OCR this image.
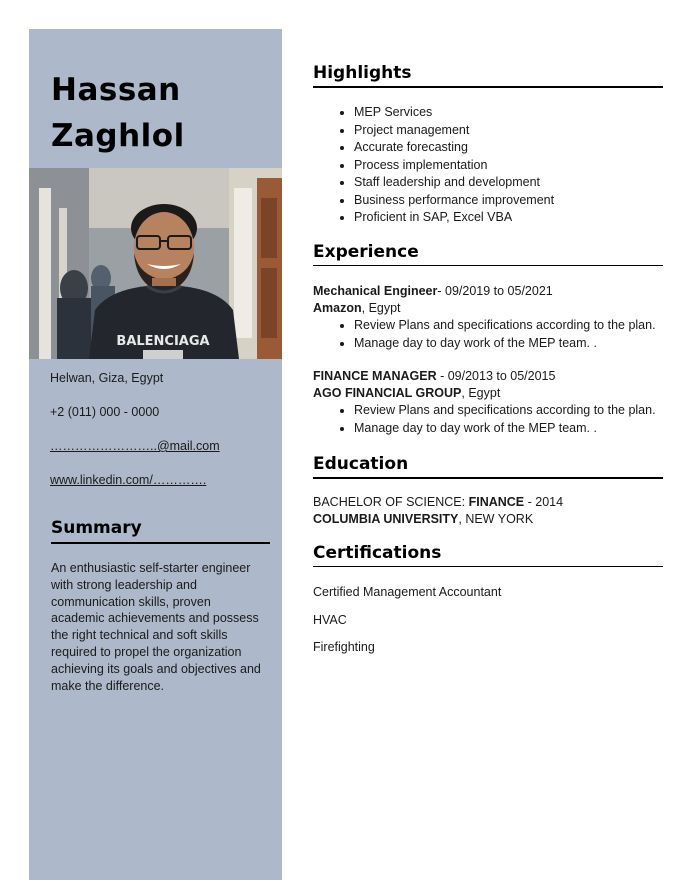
Hassan
Zaghlol
BALENCIAGA
Helwan, Giza, Egypt
+2 (011) 000 - 0000
……………………..@mail.com
www.linkedin.com/………….
Summary

An enthusiastic self-starter engineer with strong leadership and communication skills, proven academic achievements and possess the right technical and soft skills required to propel the organization achieving its goals and objectives and make the difference.

Highlights
• MEP Services
• Project management
• Accurate forecasting
• Process implementation
• Staff leadership and development
• Business performance improvement
• Proficient in SAP, Excel VBA
Experience
Mechanical Engineer- 09/2019 to 05/2021
Amazon, Egypt
• Review Plans and specifications according to the plan.
• Manage day to day work of the MEP team. .
FINANCE MANAGER - 09/2013 to 05/2015
AGO FINANCIAL GROUP, Egypt
• Review Plans and specifications according to the plan.
• Manage day to day work of the MEP team. .
Education
BACHELOR OF SCIENCE: FINANCE - 2014
COLUMBIA UNIVERSITY, NEW YORK
Certifications
Certified Management Accountant
HVAC
Firefighting
